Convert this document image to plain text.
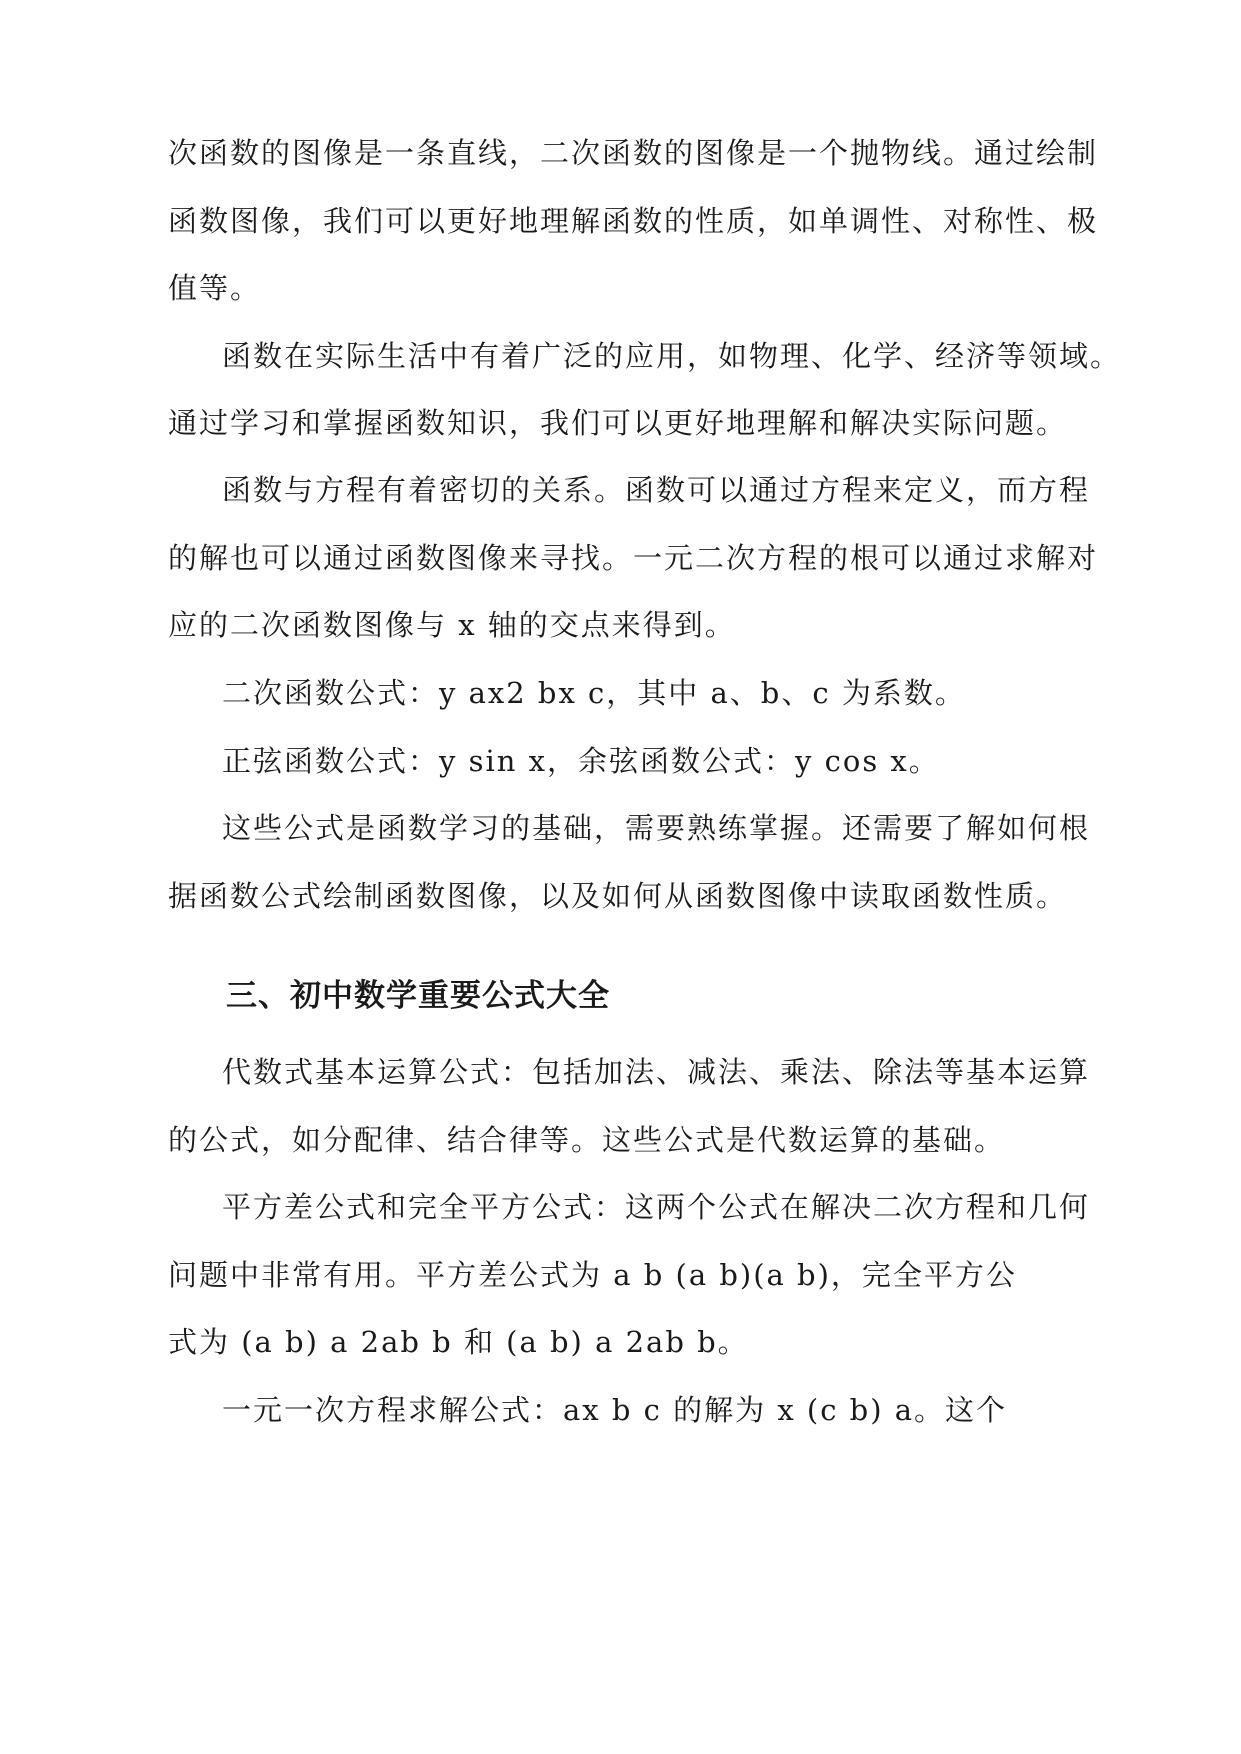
次函数的图像是一条直线，二次函数的图像是一个抛物线。通过绘制
函数图像，我们可以更好地理解函数的性质，如单调性、对称性、极
值等。
函数在实际生活中有着广泛的应用，如物理、化学、经济等领域。
通过学习和掌握函数知识，我们可以更好地理解和解决实际问题。
函数与方程有着密切的关系。函数可以通过方程来定义，而方程
的解也可以通过函数图像来寻找。一元二次方程的根可以通过求解对
应的二次函数图像与 x 轴的交点来得到。
二次函数公式：y ax2 bx c，其中 a、b、c 为系数。
正弦函数公式：y sin x，余弦函数公式：y cos x。
这些公式是函数学习的基础，需要熟练掌握。还需要了解如何根
据函数公式绘制函数图像，以及如何从函数图像中读取函数性质。
三、初中数学重要公式大全
代数式基本运算公式：包括加法、减法、乘法、除法等基本运算
的公式，如分配律、结合律等。这些公式是代数运算的基础。
平方差公式和完全平方公式：这两个公式在解决二次方程和几何
问题中非常有用。平方差公式为 a b (a b)(a b)，完全平方公
式为 (a b) a 2ab b 和 (a b) a 2ab b。
一元一次方程求解公式：ax b c 的解为 x (c b) a。这个
